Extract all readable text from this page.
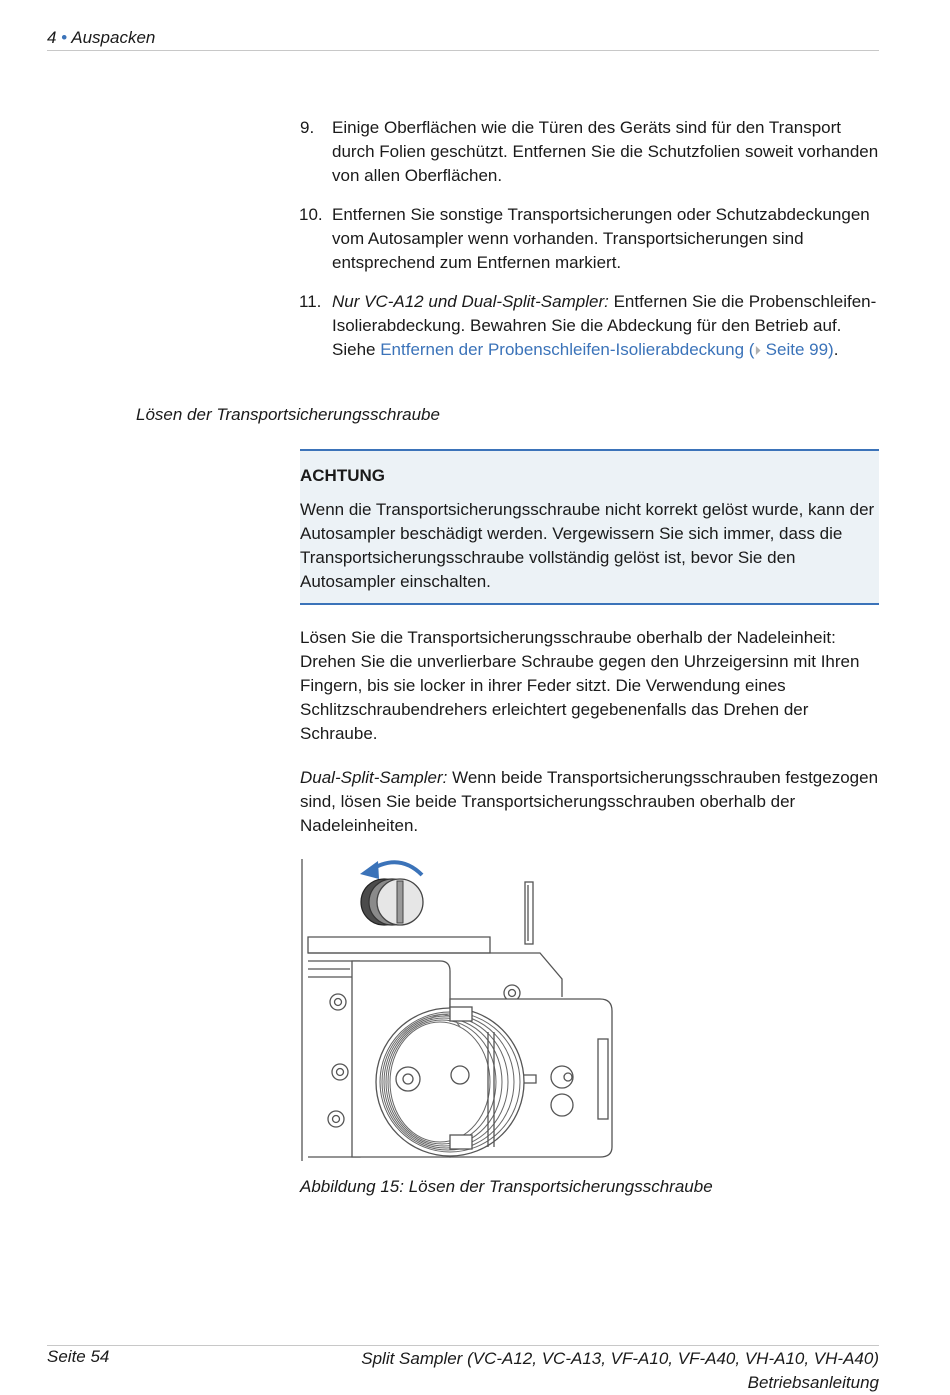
4 • Auspacken
9. Einige Oberflächen wie die Türen des Geräts sind für den Transport durch Folien geschützt. Entfernen Sie die Schutzfolien soweit vorhanden von allen Oberflächen.
10. Entfernen Sie sonstige Transportsicherungen oder Schutzabdeckungen vom Autosampler wenn vorhanden. Transportsicherungen sind entsprechend zum Entfernen markiert.
11. Nur VC-A12 und Dual-Split-Sampler: Entfernen Sie die Probenschleifen-Isolierabdeckung. Bewahren Sie die Abdeckung für den Betrieb auf. Siehe Entfernen der Probenschleifen-Isolierabdeckung (⏵ Seite 99).
Lösen der Transportsicherungsschraube
ACHTUNG
Wenn die Transportsicherungsschraube nicht korrekt gelöst wurde, kann der Autosampler beschädigt werden. Vergewissern Sie sich immer, dass die Transportsicherungsschraube vollständig gelöst ist, bevor Sie den Autosampler einschalten.
Lösen Sie die Transportsicherungsschraube oberhalb der Nadeleinheit: Drehen Sie die unverlierbare Schraube gegen den Uhrzeigersinn mit Ihren Fingern, bis sie locker in ihrer Feder sitzt. Die Verwendung eines Schlitzschraubendrehers erleichtert gegebenenfalls das Drehen der Schraube.
Dual-Split-Sampler: Wenn beide Transportsicherungsschrauben festgezogen sind, lösen Sie beide Transportsicherungsschrauben oberhalb der Nadeleinheiten.
Abbildung 15: Lösen der Transportsicherungsschraube
Seite 54	Split Sampler (VC-A12, VC-A13, VF-A10, VF-A40, VH-A10, VH-A40)
Betriebsanleitung
